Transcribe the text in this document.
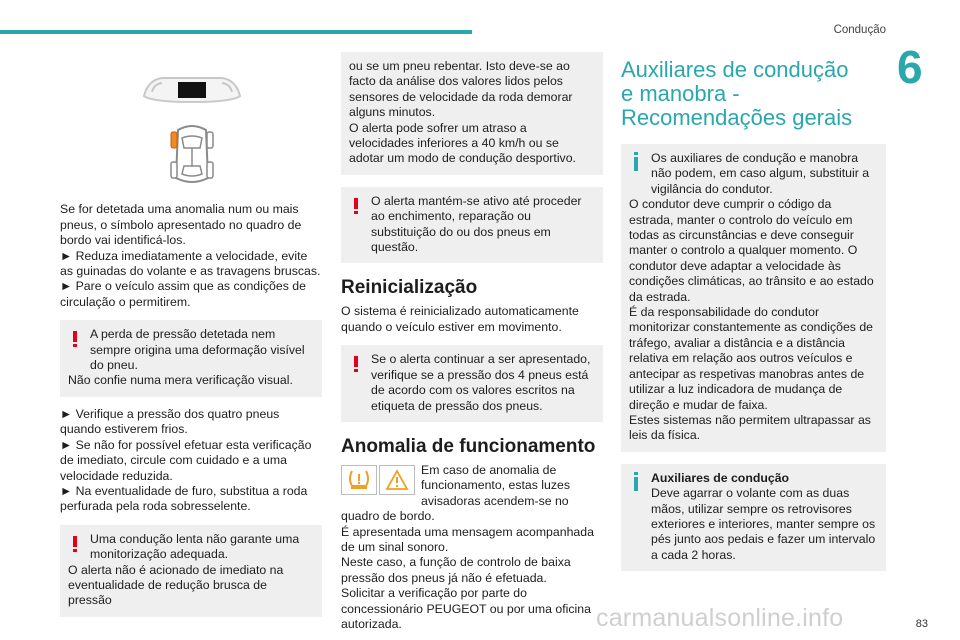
Condução
6

Se for detetada uma anomalia num ou mais pneus, o símbolo apresentado no quadro de bordo vai identificá-los.

► Reduza imediatamente a velocidade, evite as guinadas do volante e as travagens bruscas.

► Pare o veículo assim que as condições de circulação o permitirem.

A perda de pressão detetada nem sempre origina uma deformação visível do pneu.

Não confie numa mera verificação visual.

► Verifique a pressão dos quatro pneus quando estiverem frios.

► Se não for possível efetuar esta verificação de imediato, circule com cuidado e a uma velocidade reduzida.

► Na eventualidade de furo, substitua a roda perfurada pela roda sobresselente.

Uma condução lenta não garante uma monitorização adequada.

O alerta não é acionado de imediato na eventualidade de redução brusca de pressão

ou se um pneu rebentar. Isto deve-se ao facto da análise dos valores lidos pelos sensores de velocidade da roda demorar alguns minutos.

O alerta pode sofrer um atraso a velocidades inferiores a 40 km/h ou se adotar um modo de condução desportivo.

O alerta mantém-se ativo até proceder ao enchimento, reparação ou substituição do ou dos pneus em questão.

Reinicialização

O sistema é reinicializado automaticamente quando o veículo estiver em movimento.

Se o alerta continuar a ser apresentado, verifique se a pressão dos 4 pneus está de acordo com os valores escritos na etiqueta de pressão dos pneus.

Anomalia de funcionamento

Em caso de anomalia de funcionamento, estas luzes avisadoras acendem-se no quadro de bordo.

É apresentada uma mensagem acompanhada de um sinal sonoro.

Neste caso, a função de controlo de baixa pressão dos pneus já não é efetuada.

Solicitar a verificação por parte do concessionário PEUGEOT ou por uma oficina autorizada.

Auxiliares de condução e manobra - Recomendações gerais

Os auxiliares de condução e manobra não podem, em caso algum, substituir a vigilância do condutor.

O condutor deve cumprir o código da estrada, manter o controlo do veículo em todas as circunstâncias e deve conseguir manter o controlo a qualquer momento. O condutor deve adaptar a velocidade às condições climáticas, ao trânsito e ao estado da estrada.

É da responsabilidade do condutor monitorizar constantemente as condições de tráfego, avaliar a distância e a distância relativa em relação aos outros veículos e antecipar as respetivas manobras antes de utilizar a luz indicadora de mudança de direção e mudar de faixa.

Estes sistemas não permitem ultrapassar as leis da física.

Auxiliares de condução

Deve agarrar o volante com as duas mãos, utilizar sempre os retrovisores exteriores e interiores, manter sempre os pés junto aos pedais e fazer um intervalo a cada 2 horas.

carmanualsonline.info	83
